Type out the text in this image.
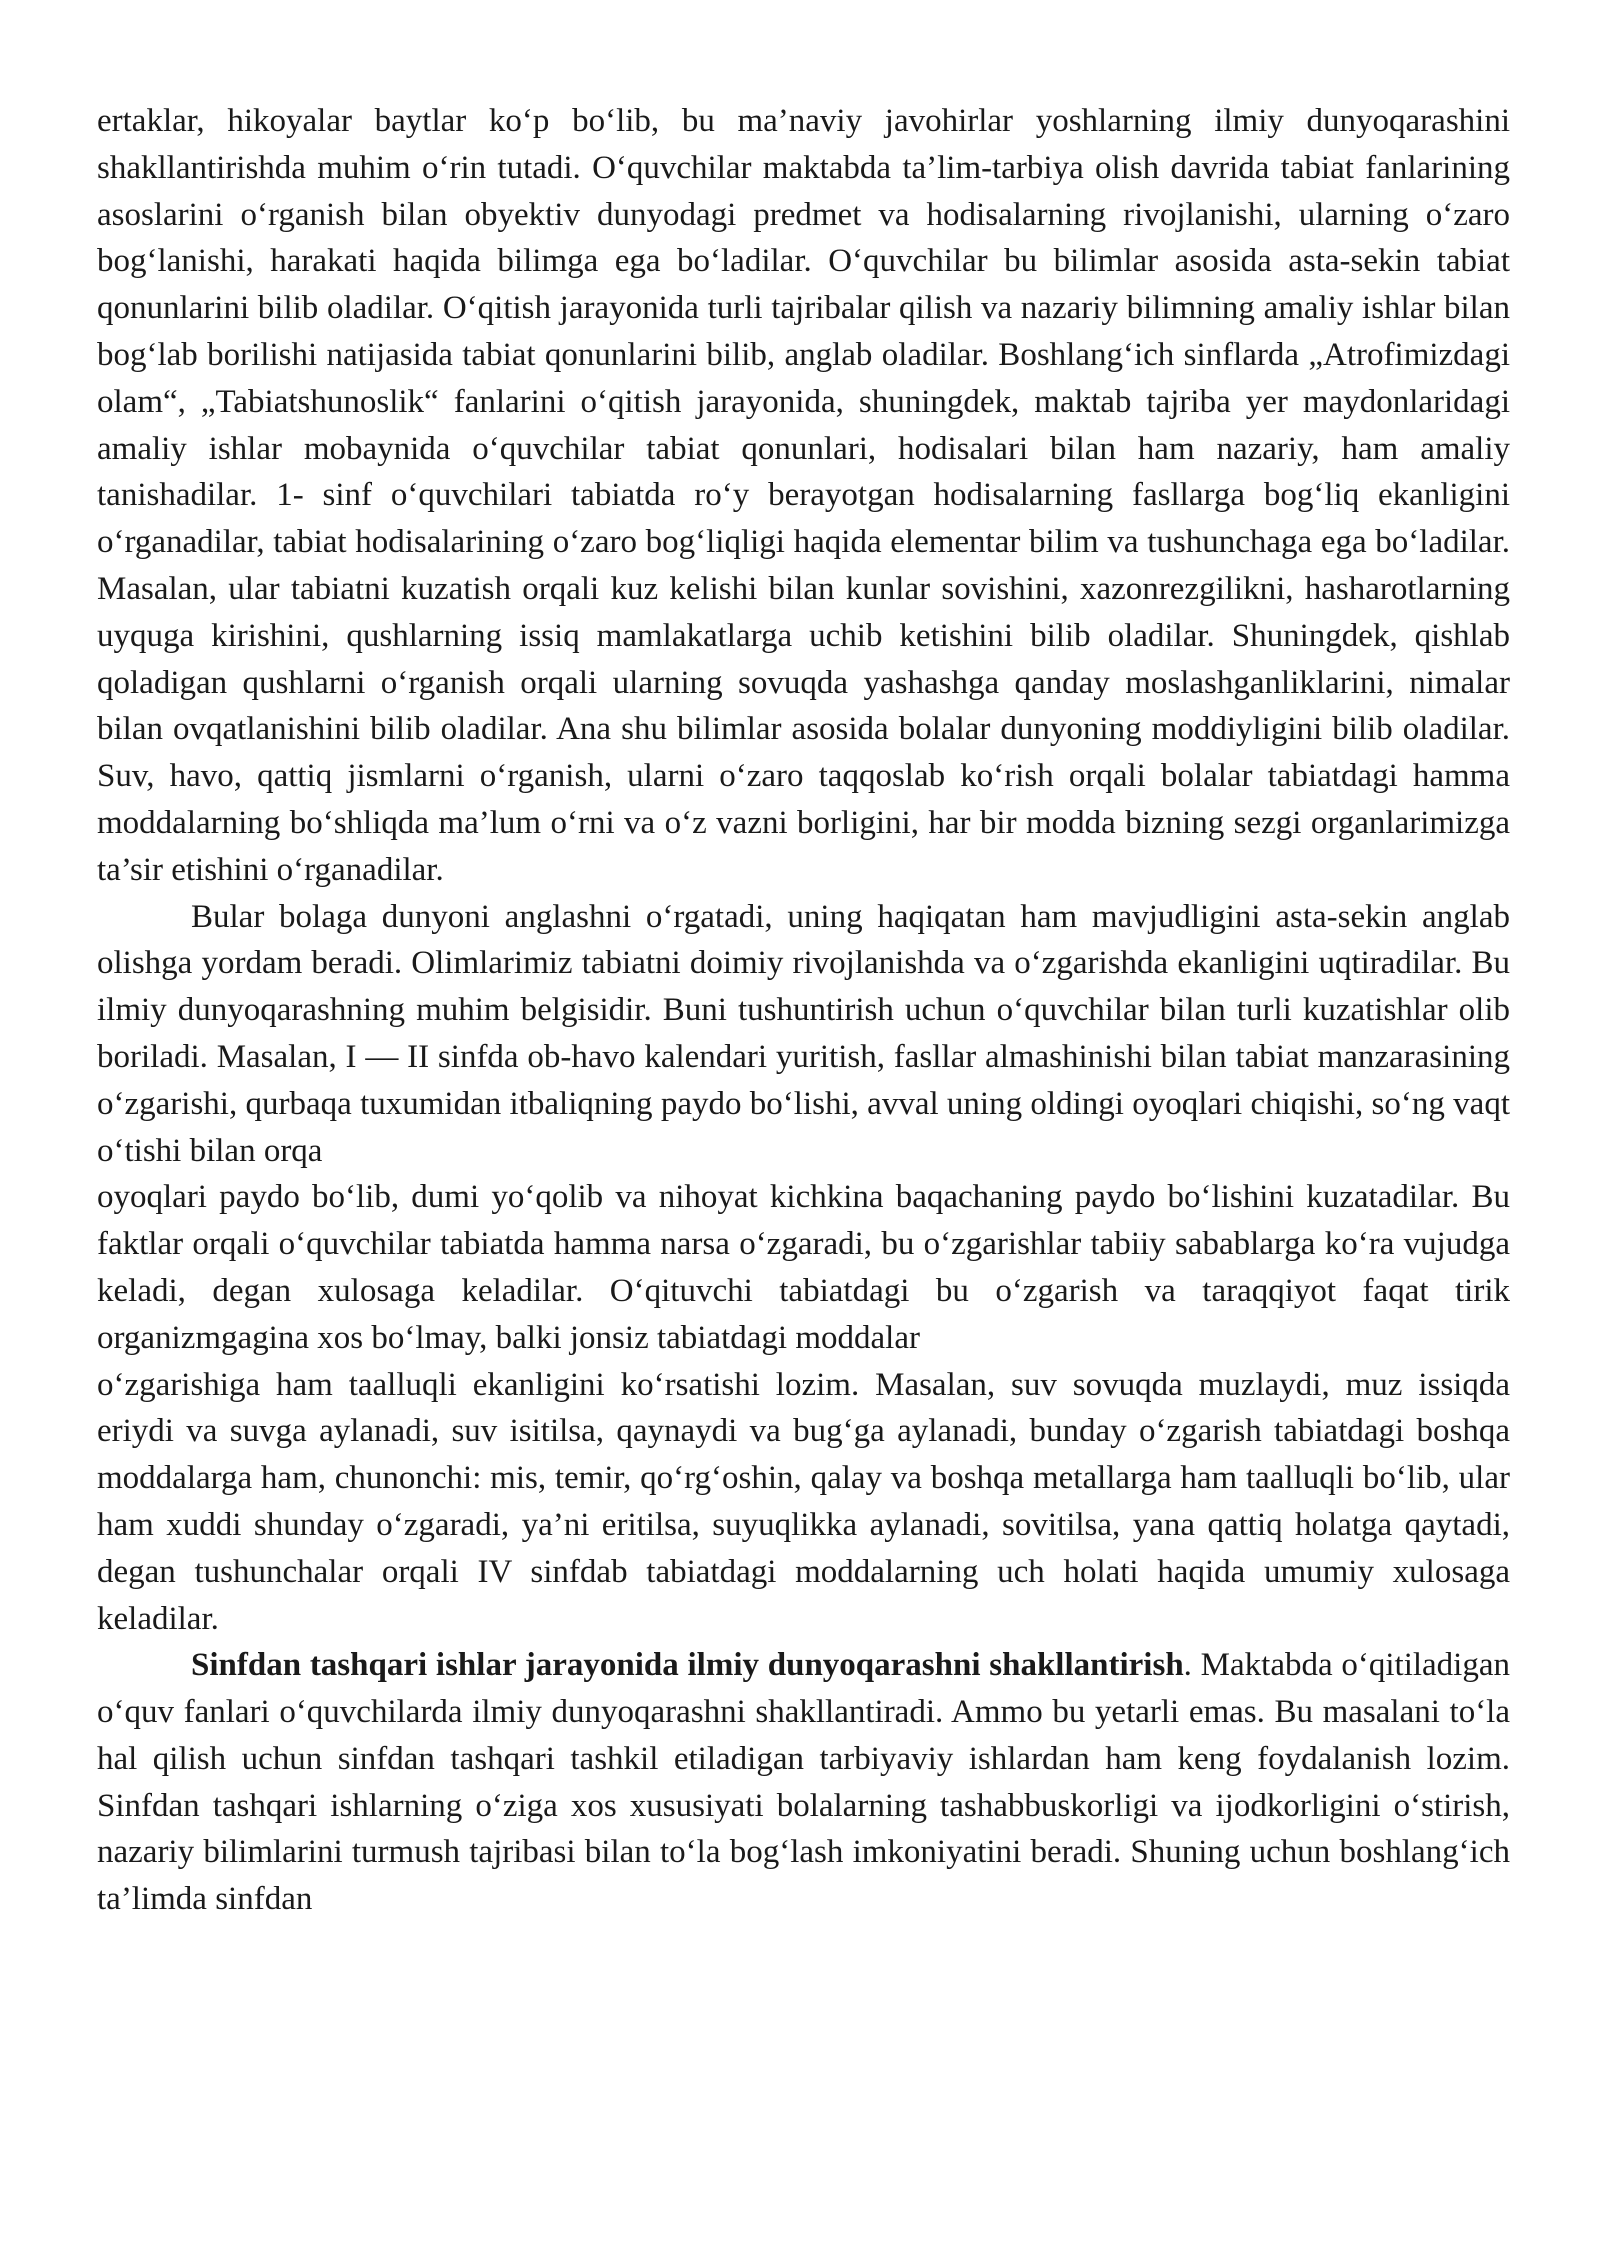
ertaklar, hikoyalar baytlar ko‘p bo‘lib, bu ma’naviy javohirlar yoshlarning ilmiy dunyoqarashini shakllantirishda muhim o‘rin tutadi. O‘quvchilar maktabda ta’lim-tarbiya olish davrida tabiat fanlarining asoslarini o‘rganish bilan obyektiv dunyodagi predmet va hodisalarning rivojlanishi, ularning o‘zaro bog‘lanishi, harakati haqida bilimga ega bo‘ladilar. O‘quvchilar bu bilimlar asosida asta-sekin tabiat qonunlarini bilib oladilar. O‘qitish jarayonida turli tajribalar qilish va nazariy bilimning amaliy ishlar bilan bog‘lab borilishi natijasida tabiat qonunlarini bilib, anglab oladilar. Boshlang‘ich sinflarda „Atrofimizdagi olam“, „Tabiatshunoslik“ fanlarini o‘qitish jarayonida, shuningdek, maktab tajriba yer maydonlaridagi amaliy ishlar mobaynida o‘quvchilar tabiat qonunlari, hodisalari bilan ham nazariy, ham amaliy tanishadilar. 1- sinf o‘quvchilari tabiatda ro‘y berayotgan hodisalarning fasllarga bog‘liq ekanligini o‘rganadilar, tabiat hodisalarining o‘zaro bog‘liqligi haqida elementar bilim va tushunchaga ega bo‘ladilar. Masalan, ular tabiatni kuzatish orqali kuz kelishi bilan kunlar sovishini, xazonrezgilikni, hasharotlarning uyquga kirishini, qushlarning issiq mamlakatlarga uchib ketishini bilib oladilar. Shuningdek, qishlab qoladigan qushlarni o‘rganish orqali ularning sovuqda yashashga qanday moslashganliklarini, nimalar bilan ovqatlanishini bilib oladilar. Ana shu bilimlar asosida bolalar dunyoning moddiyligini bilib oladilar. Suv, havo, qattiq jismlarni o‘rganish, ularni o‘zaro taqqoslab ko‘rish orqali bolalar tabiatdagi hamma moddalarning bo‘shliqda ma’lum o‘rni va o‘z vazni borligini, har bir modda bizning sezgi organlarimizga ta’sir etishini o‘rganadilar.

Bular bolaga dunyoni anglashni o‘rgatadi, uning haqiqatan ham mavjudligini asta-sekin anglab olishga yordam beradi. Olimlarimiz tabiatni doimiy rivojlanishda va o‘zgarishda ekanligini uqtiradilar. Bu ilmiy dunyoqarashning muhim belgisidir. Buni tushuntirish uchun o‘quvchilar bilan turli kuzatishlar olib boriladi. Masalan, I — II sinfda ob-havo kalendari yuritish, fasllar almashinishi bilan tabiat manzarasining o‘zgarishi, qurbaqa tuxumidan itbaliqning paydo bo‘lishi, avval uning oldingi oyoqlari chiqishi, so‘ng vaqt o‘tishi bilan orqa

oyoqlari paydo bo‘lib, dumi yo‘qolib va nihoyat kichkina baqachaning paydo bo‘lishini kuzatadilar. Bu faktlar orqali o‘quvchilar tabiatda hamma narsa o‘zgaradi, bu o‘zgarishlar tabiiy sabablarga ko‘ra vujudga keladi, degan xulosaga keladilar. O‘qituvchi tabiatdagi bu o‘zgarish va taraqqiyot faqat tirik organizmgagina xos bo‘lmay, balki jonsiz tabiatdagi moddalar

o‘zgarishiga ham taalluqli ekanligini ko‘rsatishi lozim. Masalan, suv sovuqda muzlaydi, muz issiqda eriydi va suvga aylanadi, suv isitilsa, qaynaydi va bug‘ga aylanadi, bunday o‘zgarish tabiatdagi boshqa moddalarga ham, chunonchi: mis, temir, qo‘rg‘oshin, qalay va boshqa metallarga ham taalluqli bo‘lib, ular ham xuddi shunday o‘zgaradi, ya’ni eritilsa, suyuqlikka aylanadi, sovitilsa, yana qattiq holatga qaytadi, degan tushunchalar orqali IV sinfdab tabiatdagi moddalarning uch holati haqida umumiy xulosaga keladilar.

Sinfdan tashqari ishlar jarayonida ilmiy dunyoqarashni shakllantirish. Maktabda o‘qitiladigan o‘quv fanlari o‘quvchilarda ilmiy dunyoqarashni shakllantiradi. Ammo bu yetarli emas. Bu masalani to‘la hal qilish uchun sinfdan tashqari tashkil etiladigan tarbiyaviy ishlardan ham keng foydalanish lozim. Sinfdan tashqari ishlarning o‘ziga xos xususiyati bolalarning tashabbuskorligi va ijodkorligini o‘stirish, nazariy bilimlarini turmush tajribasi bilan to‘la bog‘lash imkoniyatini beradi. Shuning uchun boshlang‘ich ta’limda sinfdan
